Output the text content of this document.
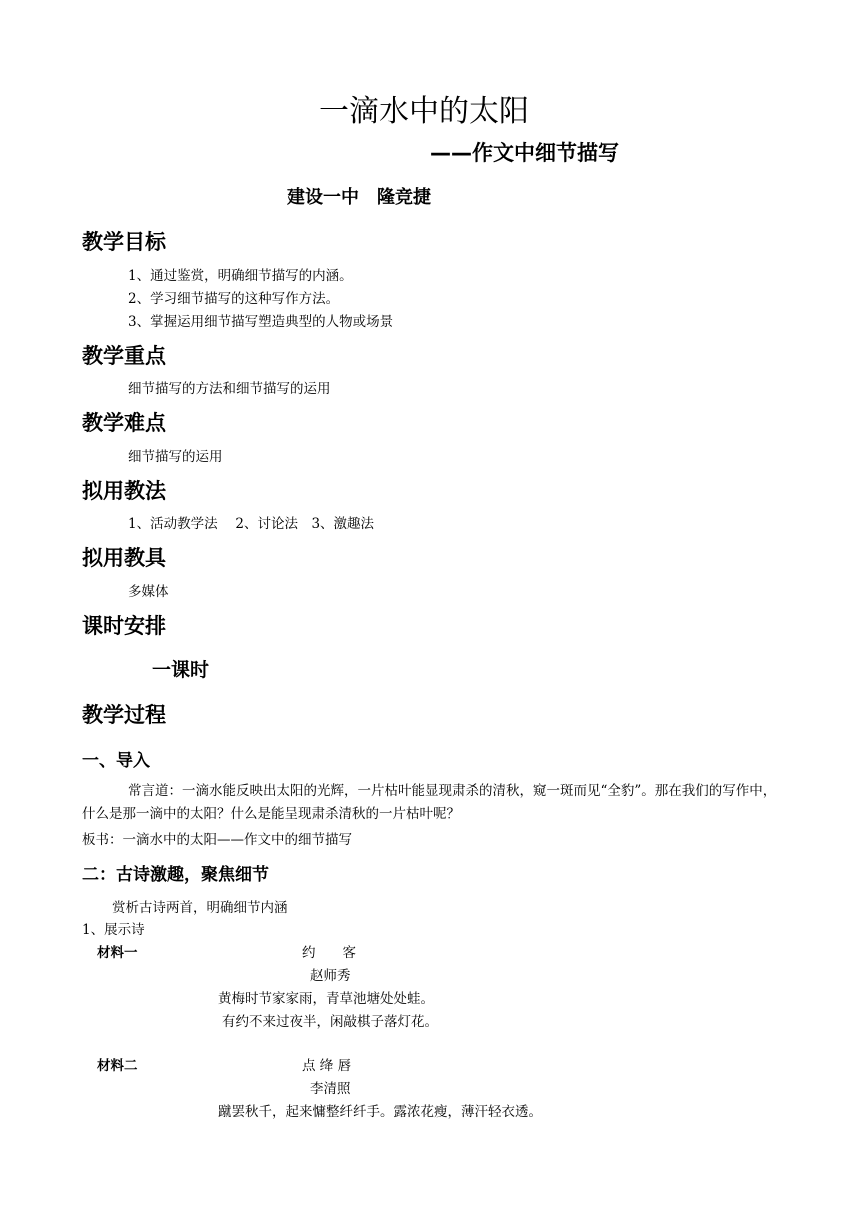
一滴水中的太阳
——作文中细节描写
建设一中　隆竞捷
教学目标
1、通过鉴赏，明确细节描写的内涵。
2、学习细节描写的这种写作方法。
3、掌握运用细节描写塑造典型的人物或场景
教学重点
细节描写的方法和细节描写的运用
教学难点
细节描写的运用
拟用教法
1、活动教学法　 2、讨论法　3、激趣法
拟用教具
多媒体
课时安排
一课时
教学过程
一、导入
常言道：一滴水能反映出太阳的光辉，一片枯叶能显现肃杀的清秋，窥一斑而见“全豹”。那在我们的写作中，什么是那一滴中的太阳？什么是能呈现肃杀清秋的一片枯叶呢？
板书：一滴水中的太阳——作文中的细节描写
二：古诗激趣，聚焦细节
赏析古诗两首，明确细节内涵
1、展示诗
材料一	约　　客
赵师秀
黄梅时节家家雨，青草池塘处处蛙。
有约不来过夜半，闲敲棋子落灯花。
材料二	点 绛 唇
李清照
蹴罢秋千，起来慵整纤纤手。露浓花瘦，薄汗轻衣透。
